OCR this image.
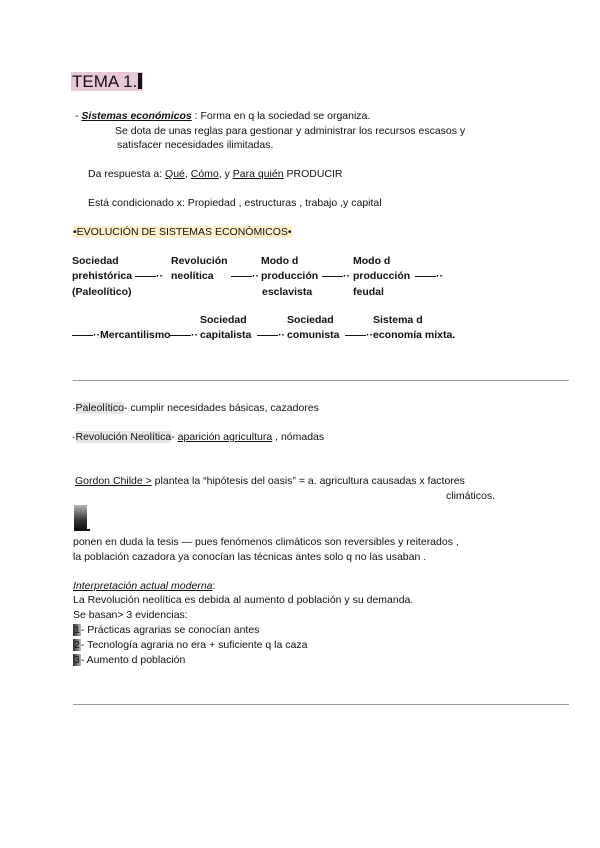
TEMA 1.
- Sistemas económicos : Forma en q la sociedad se organiza.
Se dota de unas reglas para gestionar y administrar los recursos escasos y
satisfacer necesidades ilimitadas.
Da respuesta a: Qué, Cómo, y Para quién PRODUCIR
Está condicionado x: Propiedad , estructuras , trabajo ,y capital
•EVOLUCIÓN DE SISTEMAS ECONÓMICOS•
Sociedad
prehistórica ——··
(Paleolítico)
Revolución
neolítica ——··
Modo d
producción ——··
esclavista
Modo d
producción ——··
feudal
——··Mercantilismo ——··
Sociedad
capitalista ——··
Sociedad
comunista ——··
Sistema d
economía mixta.
·Paleolítico- cumplir necesidades básicas, cazadores
·Revolución Neolítica- aparición agricultura , nómadas
Gordon Childe > plantea la “hipótesis del oasis” = a. agricultura causadas x factores
climáticos.
ponen en duda la tesis — pues fenómenos climáticos son reversibles y reiterados ,
la población cazadora ya conocían las técnicas antes solo q no las usaban .
Interpretación actual moderna:
La Revolución neolítica es debida al aumento d población y su demanda.
Se basan> 3 evidencias:
1- Prácticas agrarias se conocían antes
2- Tecnología agraria no era + suficiente q la caza
3- Aumento d población
